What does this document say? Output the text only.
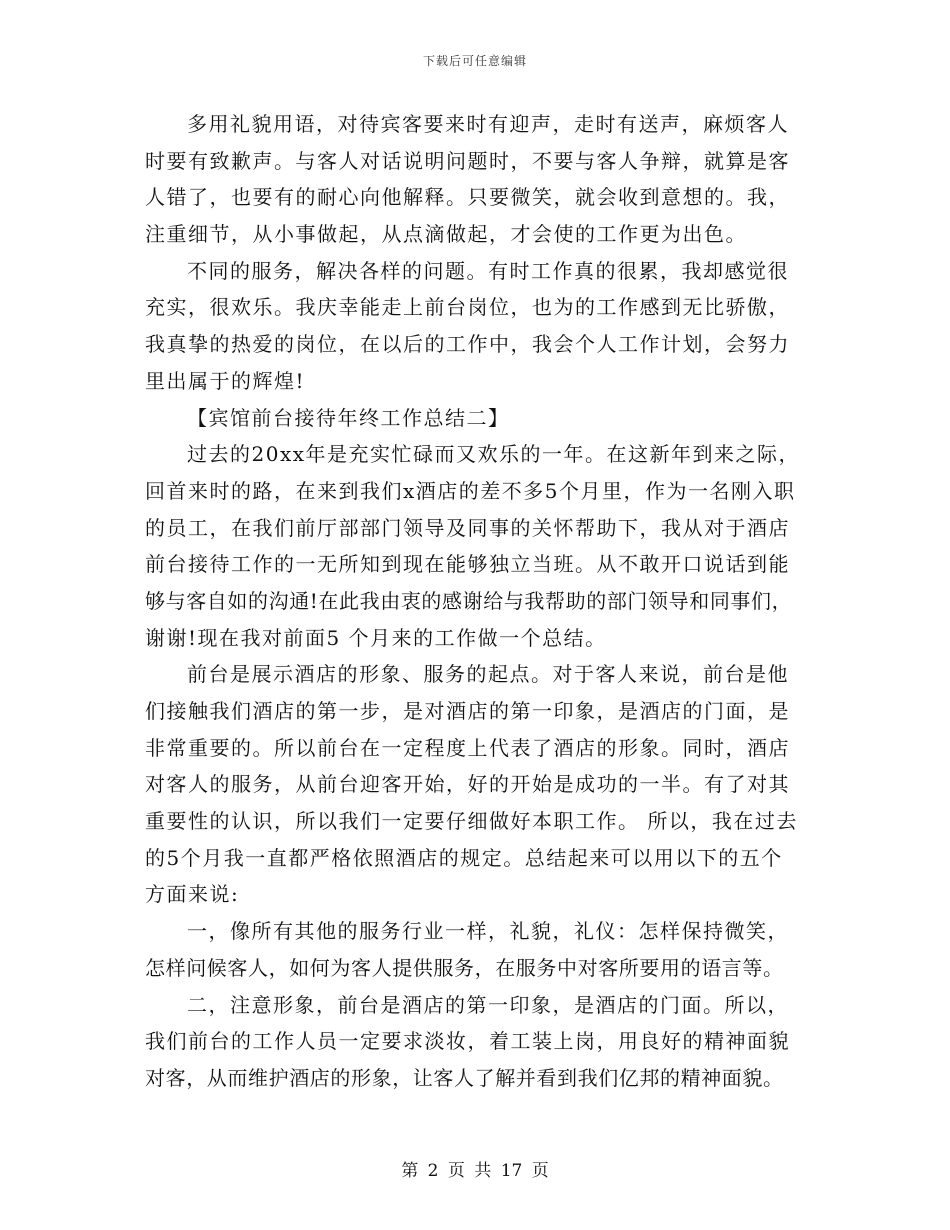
下载后可任意编辑
多用礼貌用语，对待宾客要来时有迎声，走时有送声，麻烦客人
时要有致歉声。与客人对话说明问题时，不要与客人争辩，就算是客
人错了，也要有的耐心向他解释。只要微笑，就会收到意想的。我，
注重细节，从小事做起，从点滴做起，才会使的工作更为出色。
不同的服务，解决各样的问题。有时工作真的很累，我却感觉很
充实，很欢乐。我庆幸能走上前台岗位，也为的工作感到无比骄傲，
我真挚的热爱的岗位，在以后的工作中，我会个人工作计划，会努力
里出属于的辉煌!
【宾馆前台接待年终工作总结二】
过去的20xx年是充实忙碌而又欢乐的一年。在这新年到来之际，
回首来时的路，在来到我们x酒店的差不多5个月里，作为一名刚入职
的员工，在我们前厅部部门领导及同事的关怀帮助下，我从对于酒店
前台接待工作的一无所知到现在能够独立当班。从不敢开口说话到能
够与客自如的沟通!在此我由衷的感谢给与我帮助的部门领导和同事们，
谢谢!现在我对前面5 个月来的工作做一个总结。
前台是展示酒店的形象、服务的起点。对于客人来说，前台是他
们接触我们酒店的第一步，是对酒店的第一印象，是酒店的门面，是
非常重要的。所以前台在一定程度上代表了酒店的形象。同时，酒店
对客人的服务，从前台迎客开始，好的开始是成功的一半。有了对其
重要性的认识，所以我们一定要仔细做好本职工作。 所以，我在过去
的5个月我一直都严格依照酒店的规定。总结起来可以用以下的五个
方面来说:
一，像所有其他的服务行业一样，礼貌，礼仪：怎样保持微笑，
怎样问候客人，如何为客人提供服务，在服务中对客所要用的语言等。
二，注意形象，前台是酒店的第一印象，是酒店的门面。所以，
我们前台的工作人员一定要求淡妆，着工装上岗，用良好的精神面貌
对客，从而维护酒店的形象，让客人了解并看到我们亿邦的精神面貌。
第 2 页 共 17 页
